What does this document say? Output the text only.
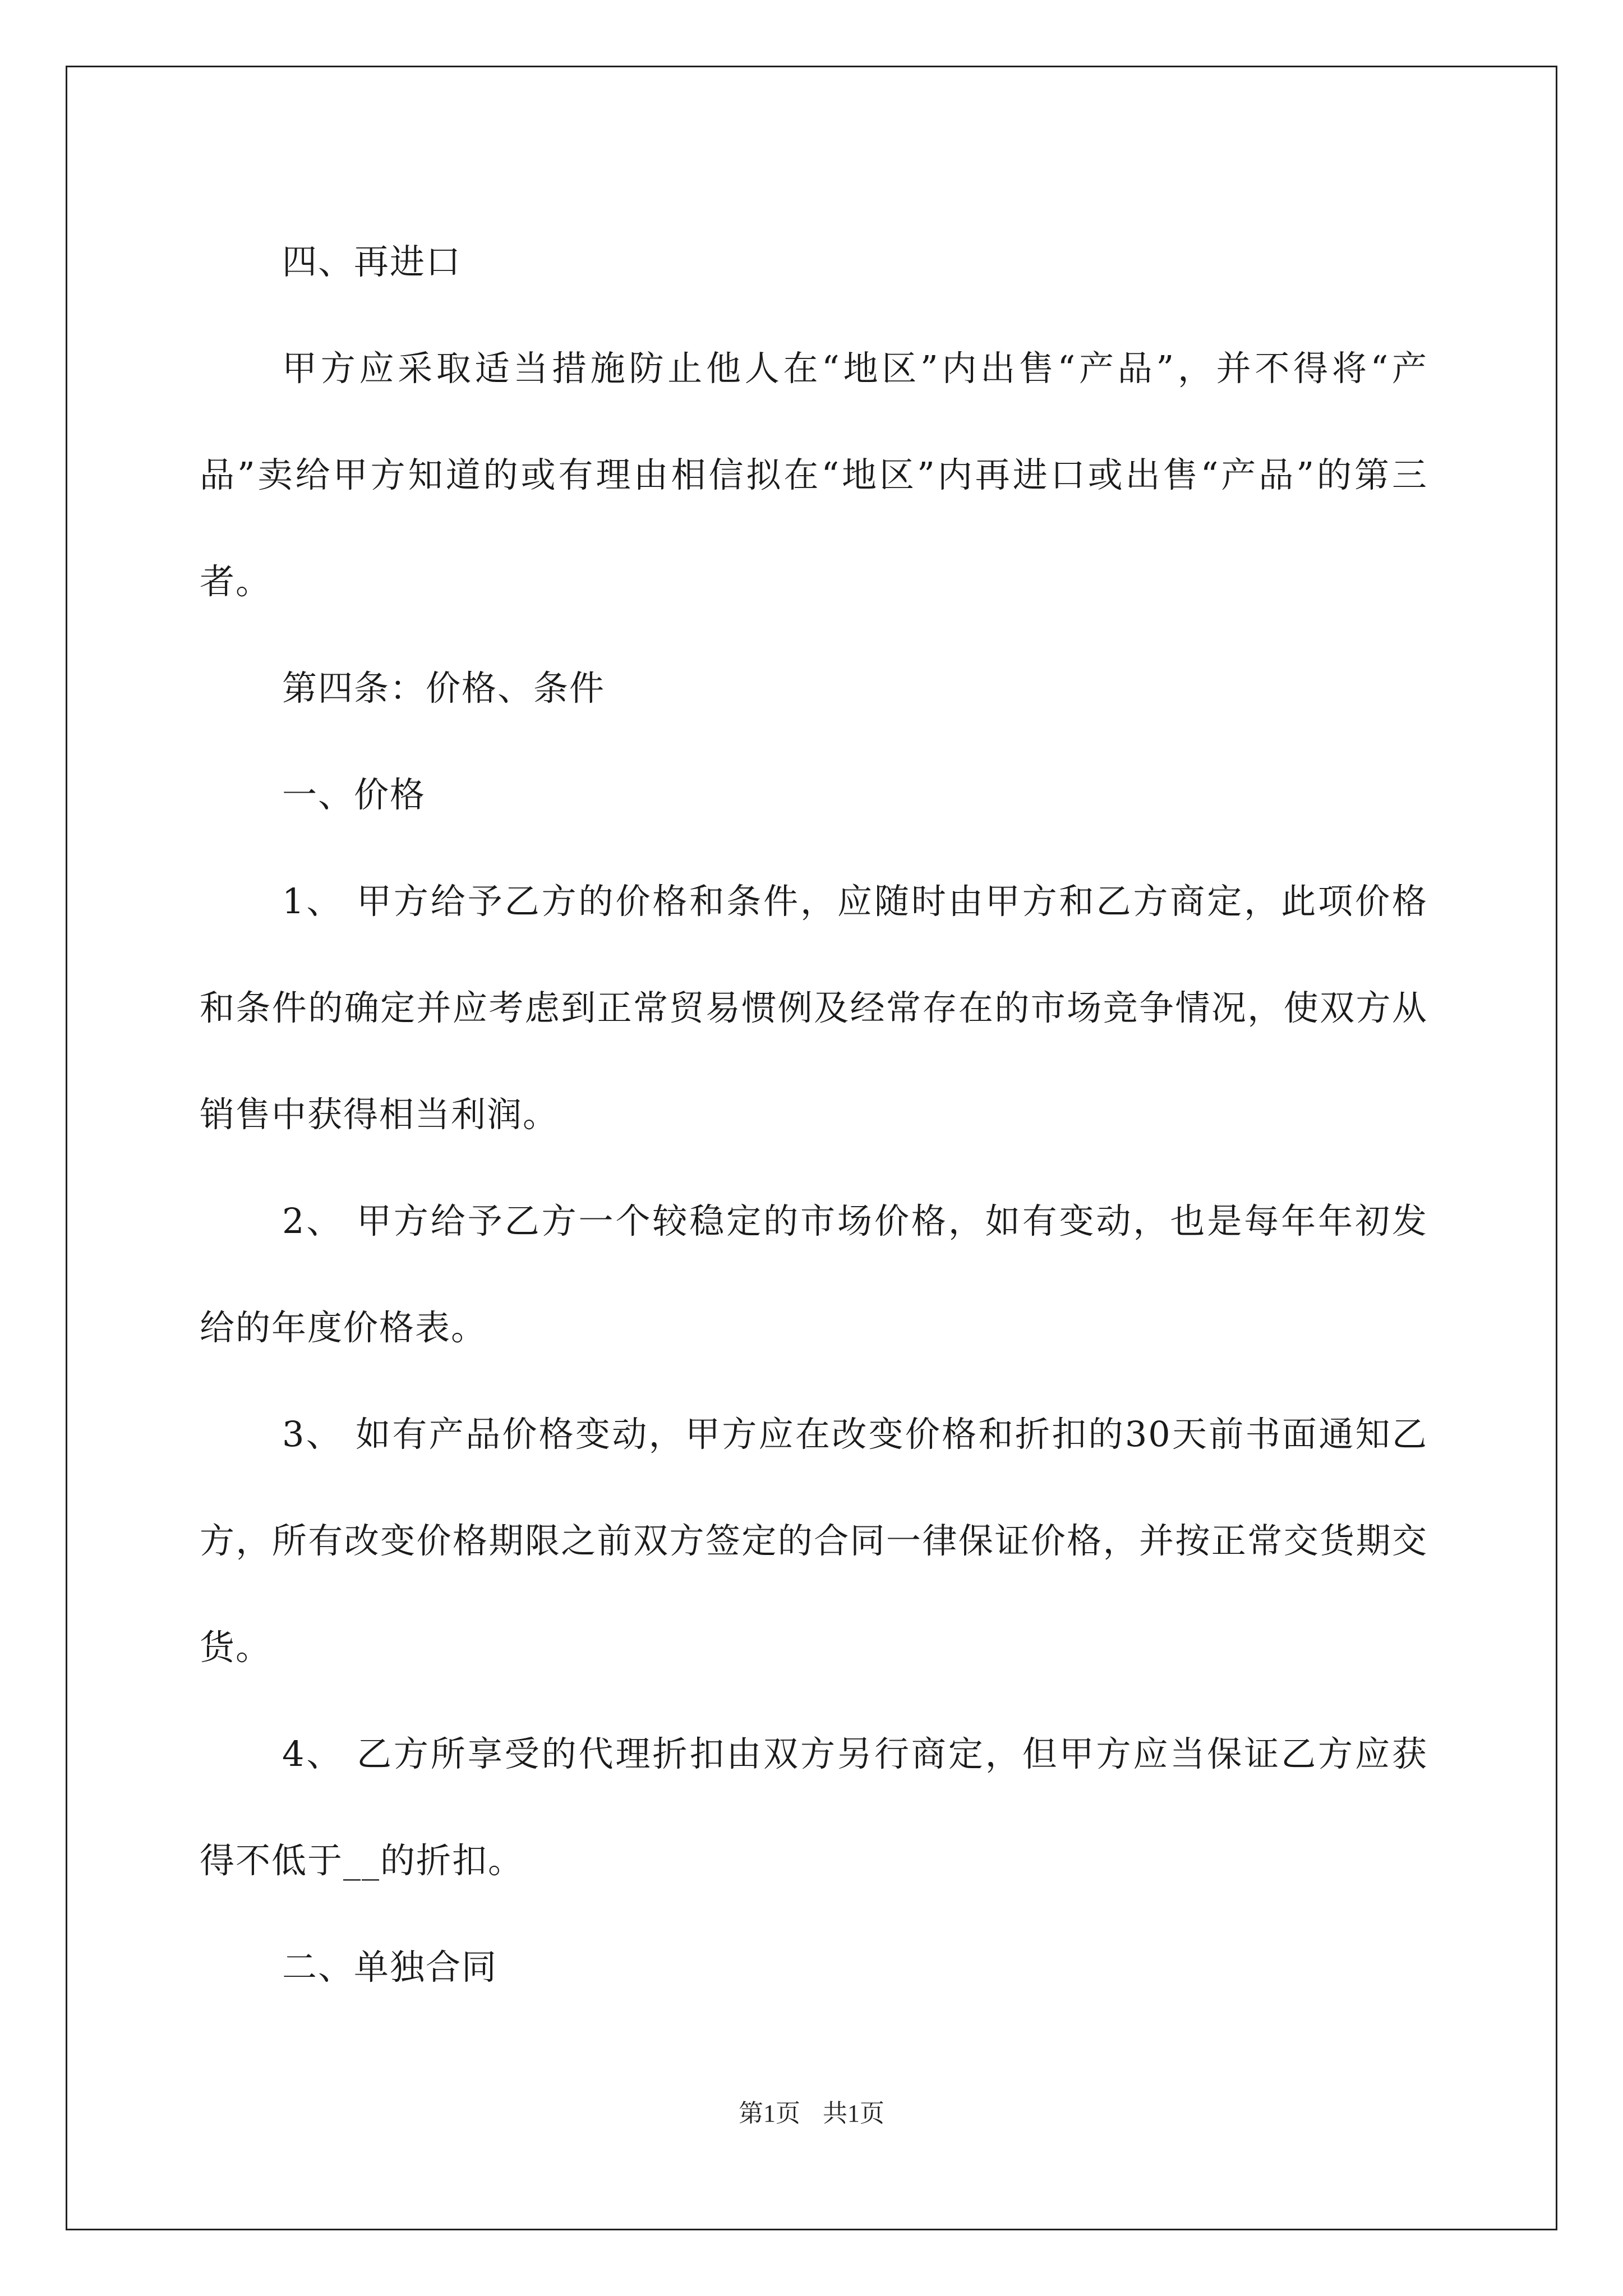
四、再进口

甲方应采取适当措施防止他人在“地区”内出售“产品”，并不得将“产品”卖给甲方知道的或有理由相信拟在“地区”内再进口或出售“产品”的第三者。

第四条：价格、条件

一、价格

1、 甲方给予乙方的价格和条件，应随时由甲方和乙方商定，此项价格和条件的确定并应考虑到正常贸易惯例及经常存在的市场竞争情况，使双方从销售中获得相当利润。

2、 甲方给予乙方一个较稳定的市场价格，如有变动，也是每年年初发给的年度价格表。

3、 如有产品价格变动，甲方应在改变价格和折扣的30天前书面通知乙方，所有改变价格期限之前双方签定的合同一律保证价格，并按正常交货期交货。

4、 乙方所享受的代理折扣由双方另行商定，但甲方应当保证乙方应获得不低于__的折扣。

二、单独合同

第1页 共1页
